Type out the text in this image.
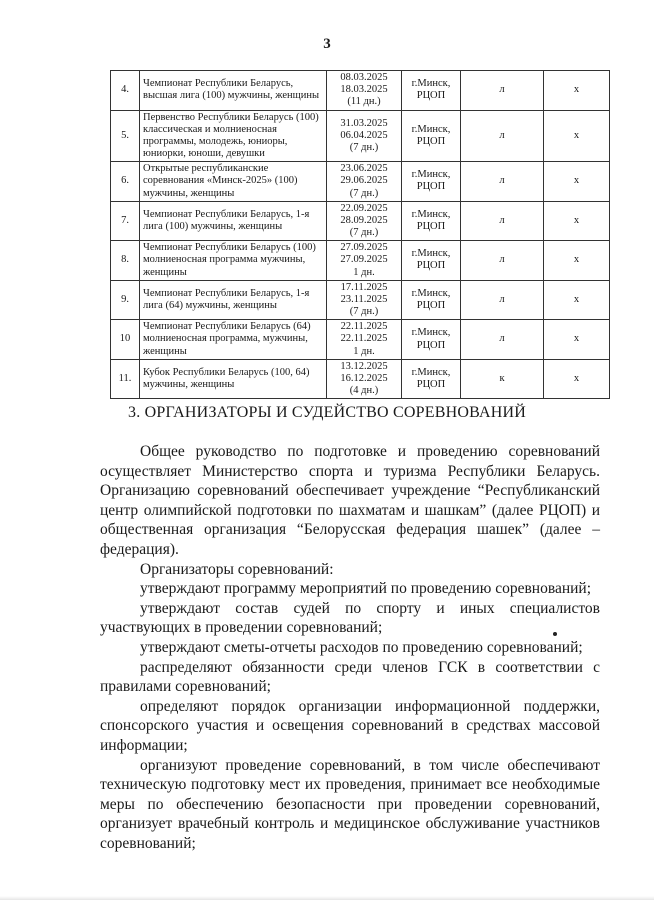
3
4.	Чемпионат Республики Беларусь, высшая лига (100) мужчины, женщины	08.03.2025
18.03.2025
(11 дн.)	г.Минск, РЦОП	л	х
5.	Первенство Республики Беларусь (100) классическая и молниеносная программы, молодежь, юниоры, юниорки, юноши, девушки	31.03.2025
06.04.2025
(7 дн.)	г.Минск, РЦОП	л	х
6.	Открытые республиканские соревнования «Минск-2025» (100) мужчины, женщины	23.06.2025
29.06.2025
(7 дн.)	г.Минск, РЦОП	л	х
7.	Чемпионат Республики Беларусь, 1-я лига (100) мужчины, женщины	22.09.2025
28.09.2025
(7 дн.)	г.Минск, РЦОП	л	х
8.	Чемпионат Республики Беларусь (100) молниеносная программа мужчины, женщины	27.09.2025
27.09.2025
1 дн.	г.Минск, РЦОП	л	х
9.	Чемпионат Республики Беларусь, 1-я лига (64) мужчины, женщины	17.11.2025
23.11.2025
(7 дн.)	г.Минск, РЦОП	л	х
10	Чемпионат Республики Беларусь (64) молниеносная программа, мужчины, женщины	22.11.2025
22.11.2025
1 дн.	г.Минск, РЦОП	л	х
11.	Кубок Республики Беларусь (100, 64) мужчины, женщины	13.12.2025
16.12.2025
(4 дн.)	г.Минск, РЦОП	к	х
3. ОРГАНИЗАТОРЫ И СУДЕЙСТВО СОРЕВНОВАНИЙ

Общее руководство по подготовке и проведению соревнований осуществляет Министерство спорта и туризма Республики Беларусь. Организацию соревнований обеспечивает учреждение “Республиканский центр олимпийской подготовки по шахматам и шашкам” (далее РЦОП) и общественная организация “Белорусская федерация шашек” (далее – федерация).

Организаторы соревнований:

утверждают программу мероприятий по проведению соревнований;

утверждают состав судей по спорту и иных специалистов участвующих в проведении соревнований;

утверждают сметы-отчеты расходов по проведению соревнований;

распределяют обязанности среди членов ГСК в соответствии с правилами соревнований;

определяют порядок организации информационной поддержки, спонсорского участия и освещения соревнований в средствах массовой информации;

организуют проведение соревнований, в том числе обеспечивают техническую подготовку мест их проведения, принимает все необходимые меры по обеспечению безопасности при проведении соревнований, организует врачебный контроль и медицинское обслуживание участников соревнований;
